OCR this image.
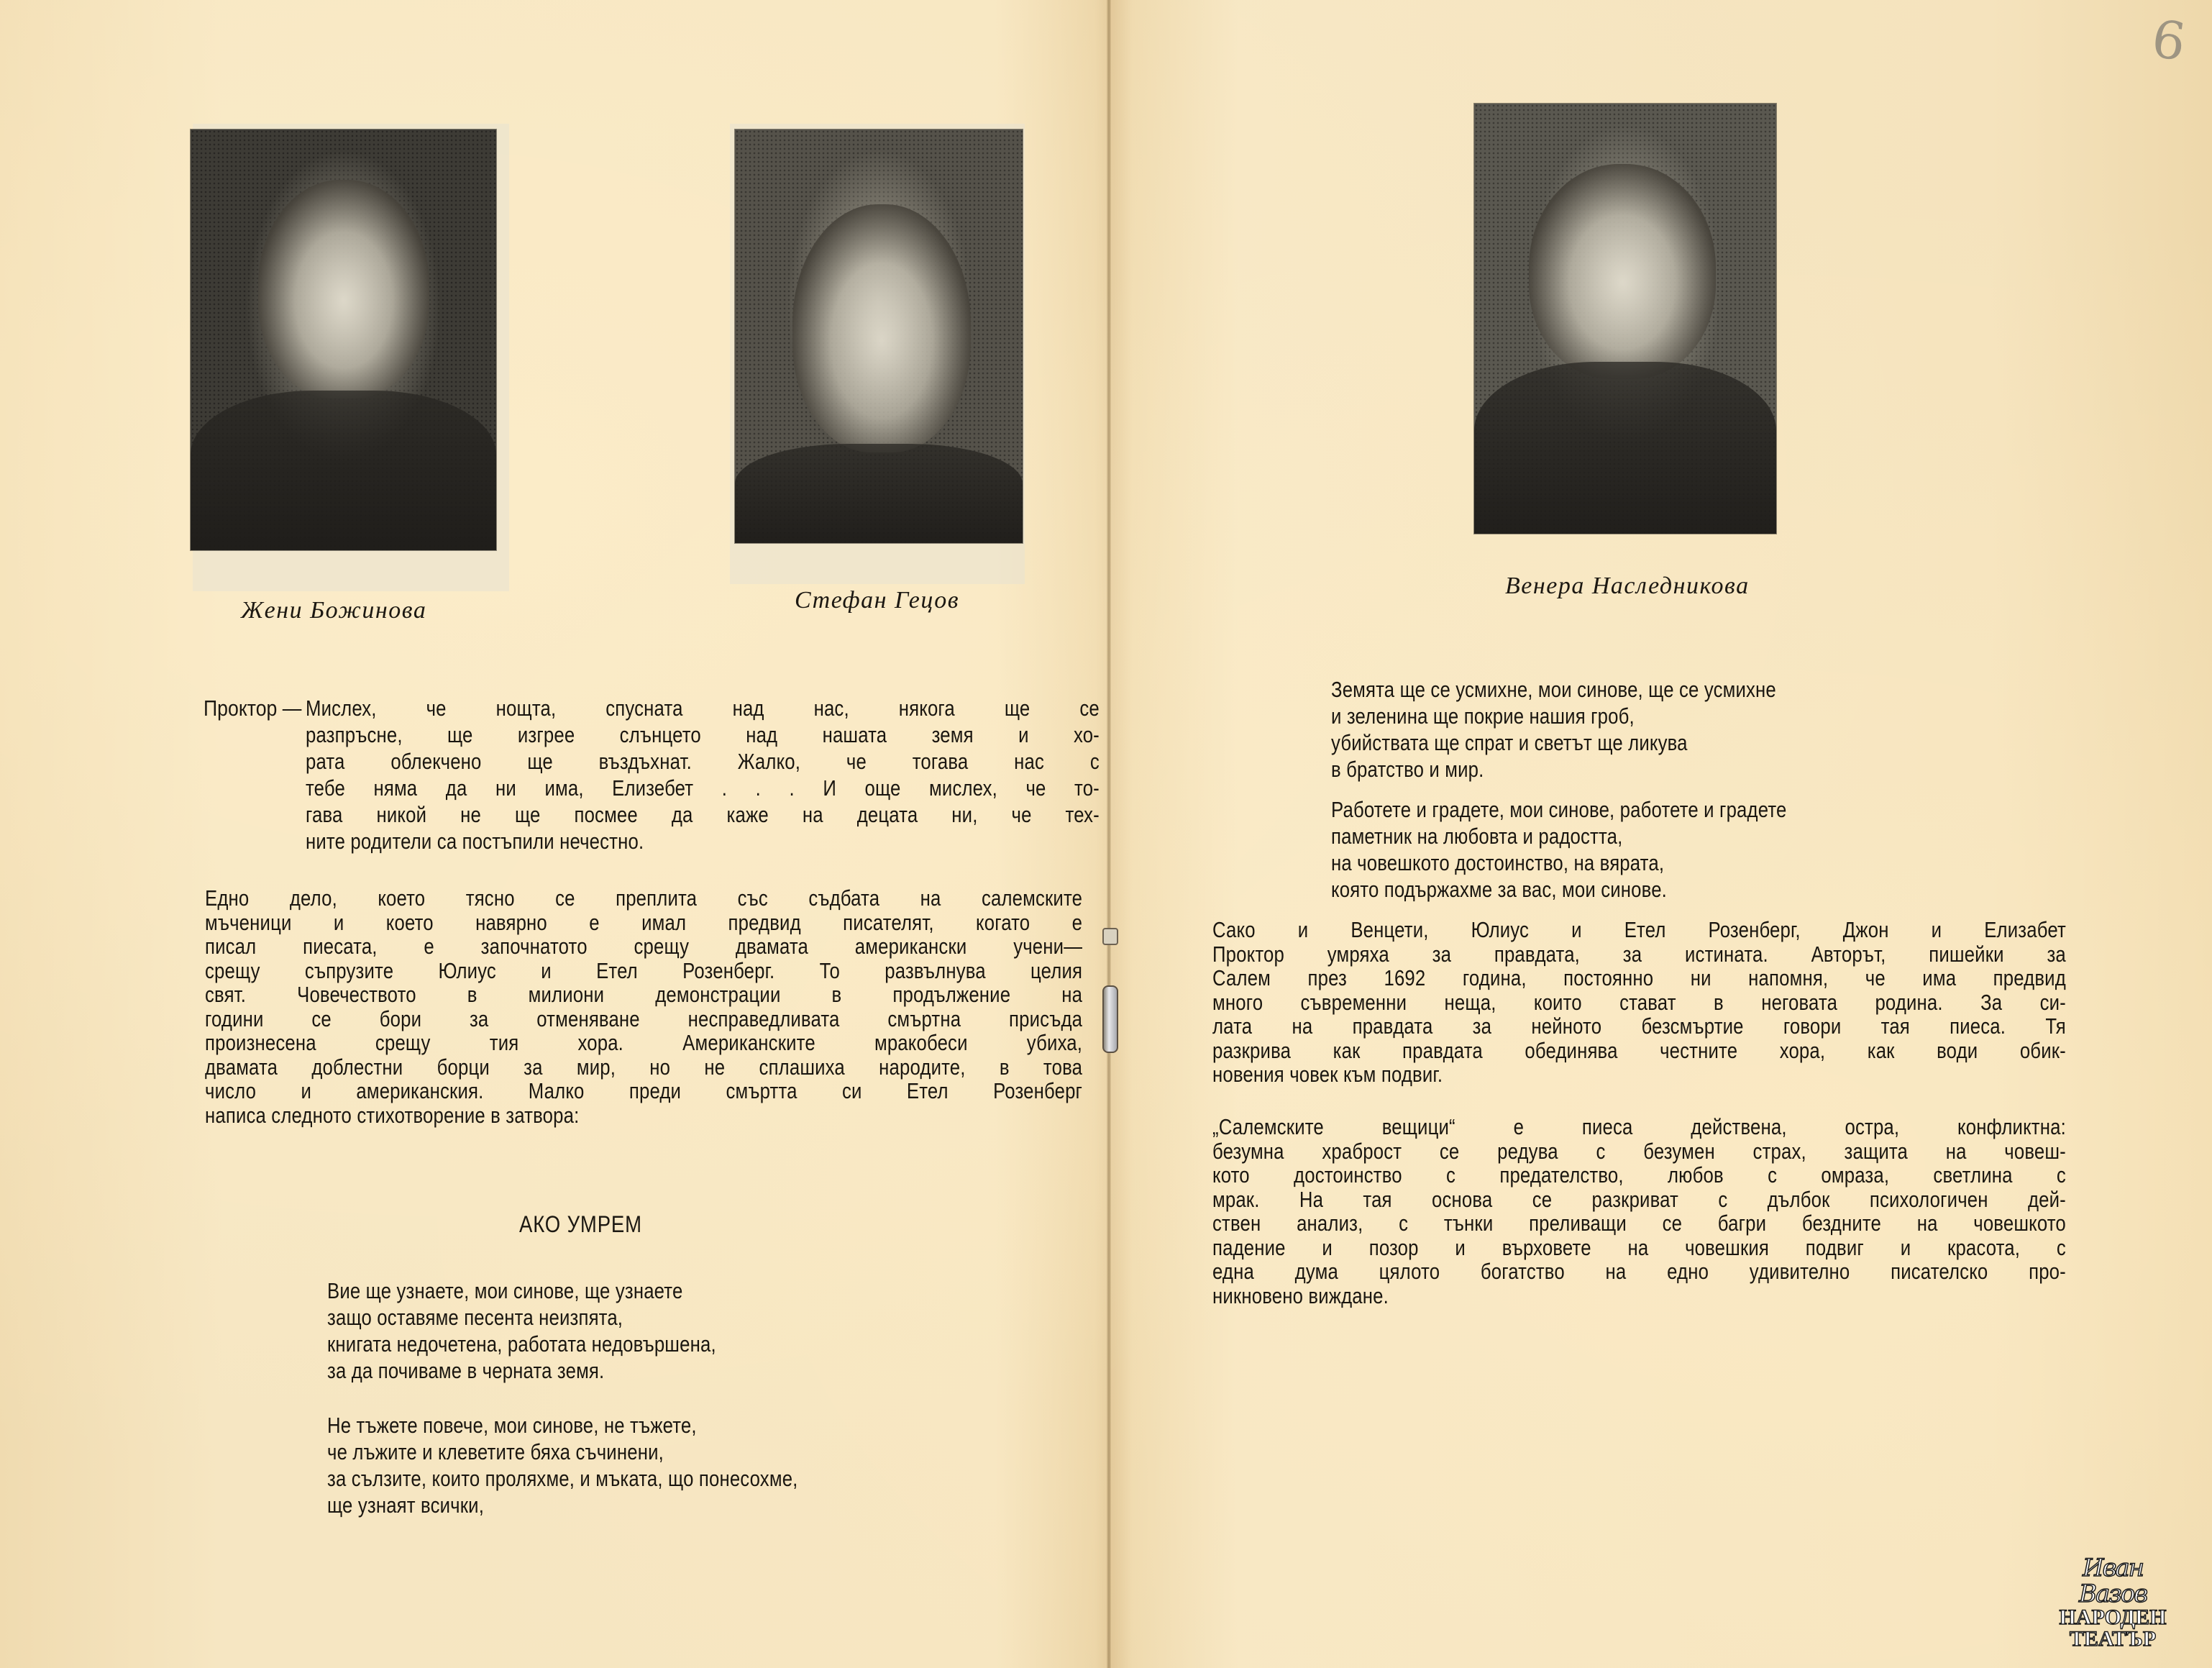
Жени Божинова	Стефан Гецов
Проктор — Мислех, че нощта, спусната над нас, някога ще се
разпръсне, ще изгрее слънцето над нашата земя и хо-
рата облекчено ще въздъхнат. Жалко, че тогава нас с
тебе няма да ни има, Елизебет . . . И още мислех, че то-
гава никой не ще посмее да каже на децата ни, че тех-
ните родители са постъпили нечестно.
Едно дело, което тясно се преплита със съдбата на салемските
мъченици и което навярно е имал предвид писателят, когато е
писал пиесата, е започнатото срещу двамата американски учени—
срещу съпрузите Юлиус и Етел Розенберг. То развълнува целия
свят. Човечеството в милиони демонстрации в продължение на
години се бори за отменяване несправедливата смъртна присъда
произнесена срещу тия хора. Американските мракобеси убиха,
двамата доблестни борци за мир, но не сплашиха народите, в това
число и американския. Малко преди смъртта си Етел Розенберг
написа следното стихотворение в затвора:
АКО УМРЕМ
Вие ще узнаете, мои синове, ще узнаете
защо оставяме песента неизпята,
книгата недочетена, работата недовършена,
за да почиваме в черната земя.
Не тъжете повече, мои синове, не тъжете,
че лъжите и клеветите бяха съчинени,
за сълзите, които проляхме, и мъката, що понесохме,
ще узнаят всички,
Венера Наследникова
Земята ще се усмихне, мои синове, ще се усмихне
и зеленина ще покрие нашия гроб,
убийствата ще спрат и светът ще ликува
в братство и мир.
Работете и градете, мои синове, работете и градете
паметник на любовта и радостта,
на човешкото достоинство, на вярата,
която подържахме за вас, мои синове.
Сако и Венцети, Юлиус и Етел Розенберг, Джон и Елизабет
Проктор умряха за правдата, за истината. Авторът, пишейки за
Салем през 1692 година, постоянно ни напомня, че има предвид
много съвременни неща, които стават в неговата родина. За си-
лата на правдата за нейното безсмъртие говори тая пиеса. Тя
разкрива как правдата обединява честните хора, как води обик-
новения човек към подвиг.
„Салемските вещици“ е пиеса действена, остра, конфликтна:
безумна храброст се редува с безумен страх, защита на човеш-
кото достоинство с предателство, любов с омраза, светлина с
мрак. На тая основа се разкриват с дълбок психологичен дей-
ствен анализ, с тънки преливащи се багри бездните на човешкото
падение и позор и върховете на човешкия подвиг и красота, с
една дума цялото богатство на едно удивително писателско про-
никновено виждане.
6
Иван Вазов
НАРОДЕН
ТЕАТЪР
